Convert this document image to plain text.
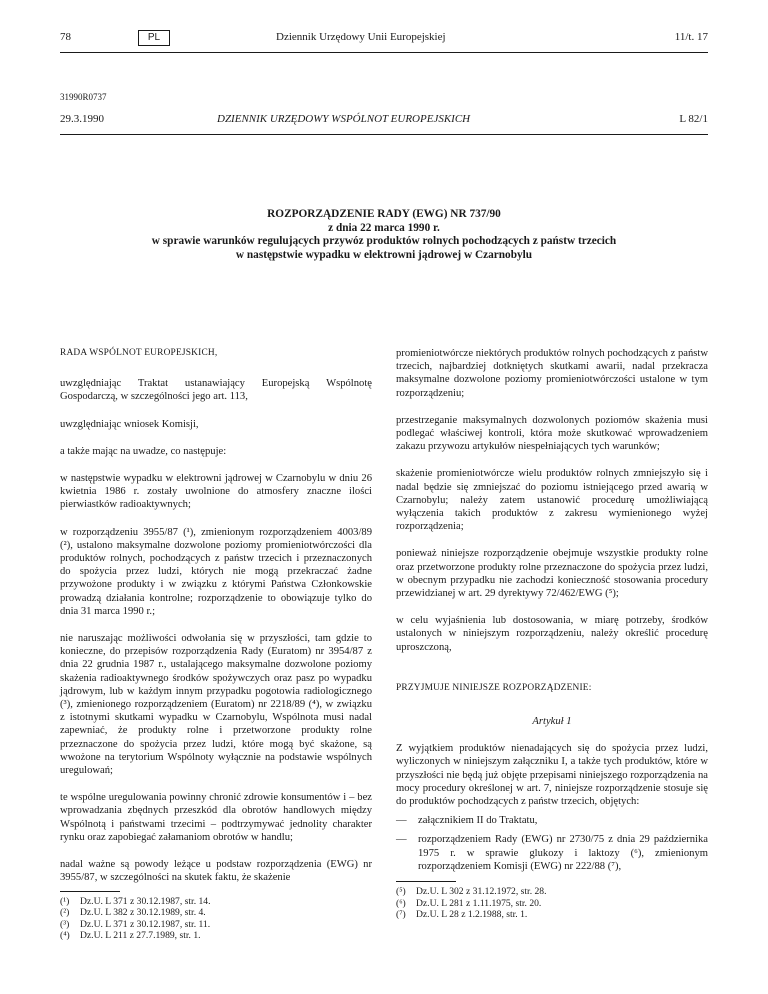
78	PL	Dziennik Urzędowy Unii Europejskiej	11/t. 17
31990R0737
29.3.1990	DZIENNIK URZĘDOWY WSPÓLNOT EUROPEJSKICH	L 82/1
ROZPORZĄDZENIE RADY (EWG) NR 737/90
z dnia 22 marca 1990 r.
w sprawie warunków regulujących przywóz produktów rolnych pochodzących z państw trzecich
w następstwie wypadku w elektrowni jądrowej w Czarnobylu

RADA WSPÓLNOT EUROPEJSKICH,

uwzględniając Traktat ustanawiający Europejską Wspólnotę Gospodarczą, w szczególności jego art. 113,

uwzględniając wniosek Komisji,

a także mając na uwadze, co następuje:

w następstwie wypadku w elektrowni jądrowej w Czarnobylu w dniu 26 kwietnia 1986 r. zostały uwolnione do atmosfery znaczne ilości pierwiastków radioaktywnych;

w rozporządzeniu 3955/87 (¹), zmienionym rozporządzeniem 4003/89 (²), ustalono maksymalne dozwolone poziomy promieniotwórczości dla produktów rolnych, pochodzących z państw trzecich i przeznaczonych do spożycia przez ludzi, których nie mogą przekraczać żadne przywożone produkty i w związku z którymi Państwa Członkowskie prowadzą działania kontrolne; rozporządzenie to obowiązuje tylko do dnia 31 marca 1990 r.;

nie naruszając możliwości odwołania się w przyszłości, tam gdzie to konieczne, do przepisów rozporządzenia Rady (Euratom) nr 3954/87 z dnia 22 grudnia 1987 r., ustalającego maksymalne dozwolone poziomy skażenia radioaktywnego środków spożywczych oraz pasz po wypadku jądrowym, lub w każdym innym przypadku pogotowia radiologicznego (³), zmienionego rozporządzeniem (Euratom) nr 2218/89 (⁴), w związku z istotnymi skutkami wypadku w Czarnobylu, Wspólnota musi nadal zapewniać, że produkty rolne i przetworzone produkty rolne przeznaczone do spożycia przez ludzi, które mogą być skażone, są wwożone na terytorium Wspólnoty wyłącznie na podstawie wspólnych uregulowań;

te wspólne uregulowania powinny chronić zdrowie konsumentów i – bez wprowadzania zbędnych przeszkód dla obrotów handlowych między Wspólnotą i państwami trzecimi – podtrzymywać jednolity charakter rynku oraz zapobiegać załamaniom obrotów w handlu;

nadal ważne są powody leżące u podstaw rozporządzenia (EWG) nr 3955/87, w szczególności na skutek faktu, że skażenie

(¹)	Dz.U. L 371 z 30.12.1987, str. 14.
(²)	Dz.U. L 382 z 30.12.1989, str. 4.
(³)	Dz.U. L 371 z 30.12.1987, str. 11.
(⁴)	Dz.U. L 211 z 27.7.1989, str. 1.

promieniotwórcze niektórych produktów rolnych pochodzących z państw trzecich, najbardziej dotkniętych skutkami awarii, nadal przekracza maksymalne dozwolone poziomy promieniotwórczości ustalone w tym rozporządzeniu;

przestrzeganie maksymalnych dozwolonych poziomów skażenia musi podlegać właściwej kontroli, która może skutkować wprowadzeniem zakazu przywozu artykułów niespełniających tych warunków;

skażenie promieniotwórcze wielu produktów rolnych zmniejszyło się i nadal będzie się zmniejszać do poziomu istniejącego przed awarią w Czarnobylu; należy zatem ustanowić procedurę umożliwiającą wyłączenia takich produktów z zakresu wymienionego wyżej rozporządzenia;

ponieważ niniejsze rozporządzenie obejmuje wszystkie produkty rolne oraz przetworzone produkty rolne przeznaczone do spożycia przez ludzi, w obecnym przypadku nie zachodzi konieczność stosowania procedury przewidzianej w art. 29 dyrektywy 72/462/EWG (⁵);

w celu wyjaśnienia lub dostosowania, w miarę potrzeby, środków ustalonych w niniejszym rozporządzeniu, należy określić procedurę uproszczoną,

PRZYJMUJE NINIEJSZE ROZPORZĄDZENIE:

Artykuł 1

Z wyjątkiem produktów nienadających się do spożycia przez ludzi, wyliczonych w niniejszym załączniku I, a także tych produktów, które w przyszłości nie będą już objęte przepisami niniejszego rozporządzenia na mocy procedury określonej w art. 7, niniejsze rozporządzenie stosuje się do produktów pochodzących z państw trzecich, objętych:

—	załącznikiem II do Traktatu,
—	rozporządzeniem Rady (EWG) nr 2730/75 z dnia 29 października 1975 r. w sprawie glukozy i laktozy (⁶), zmienionym rozporządzeniem Komisji (EWG) nr 222/88 (⁷),
(⁵)	Dz.U. L 302 z 31.12.1972, str. 28.
(⁶)	Dz.U. L 281 z 1.11.1975, str. 20.
(⁷)	Dz.U. L 28 z 1.2.1988, str. 1.
